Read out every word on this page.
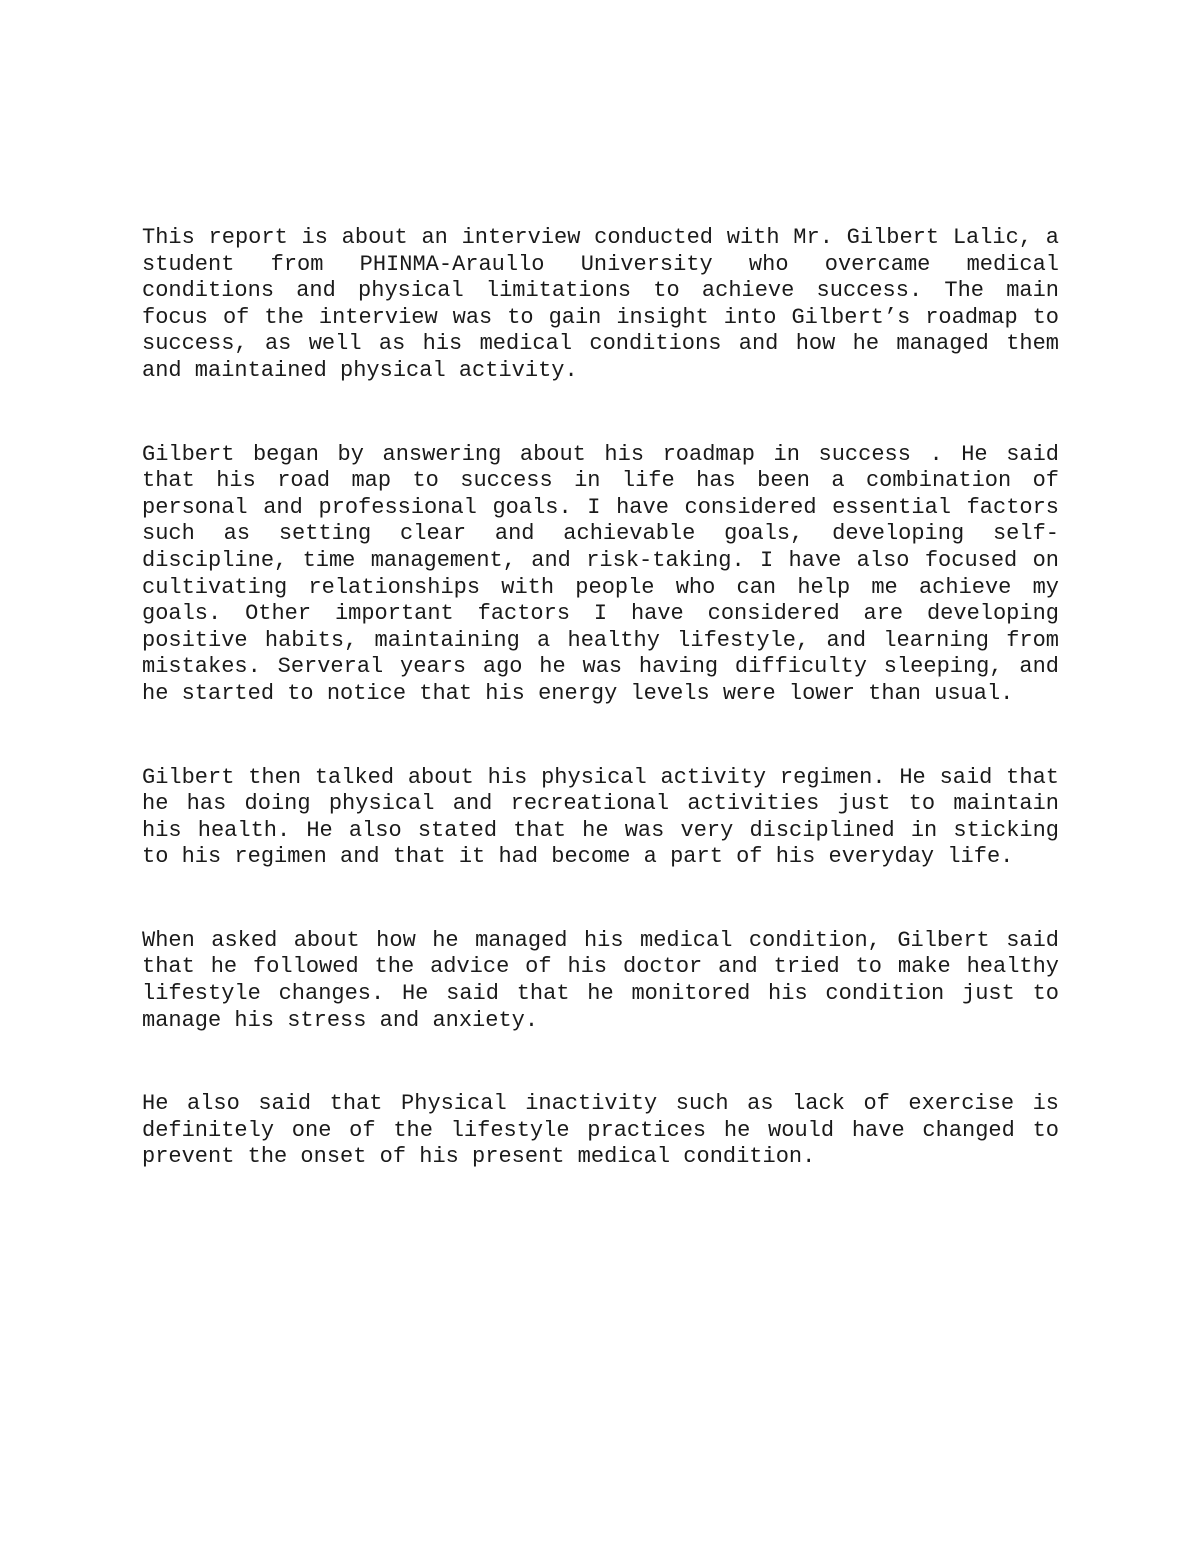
This report is about an interview conducted with Mr. Gilbert Lalic, a student from PHINMA-Araullo University who overcame medical conditions and physical limitations to achieve success. The main focus of the interview was to gain insight into Gilbert’s roadmap to success, as well as his medical conditions and how he managed them and maintained physical activity.

Gilbert began by answering about his roadmap in success . He said that his road map to success in life has been a combination of personal and professional goals. I have considered essential factors such as setting clear and achievable goals, developing self-discipline, time management, and risk-taking. I have also focused on cultivating relationships with people who can help me achieve my goals. Other important factors I have considered are developing positive habits, maintaining a healthy lifestyle, and learning from mistakes. Serveral years ago he was having difficulty sleeping, and he started to notice that his energy levels were lower than usual.

Gilbert then talked about his physical activity regimen. He said that he has doing physical and recreational activities just to maintain his health. He also stated that he was very disciplined in sticking to his regimen and that it had become a part of his everyday life.

When asked about how he managed his medical condition, Gilbert said that he followed the advice of his doctor and tried to make healthy lifestyle changes. He said that he monitored his condition just to manage his stress and anxiety.

He also said that Physical inactivity such as lack of exercise is definitely one of the lifestyle practices he would have changed to prevent the onset of his present medical condition.
